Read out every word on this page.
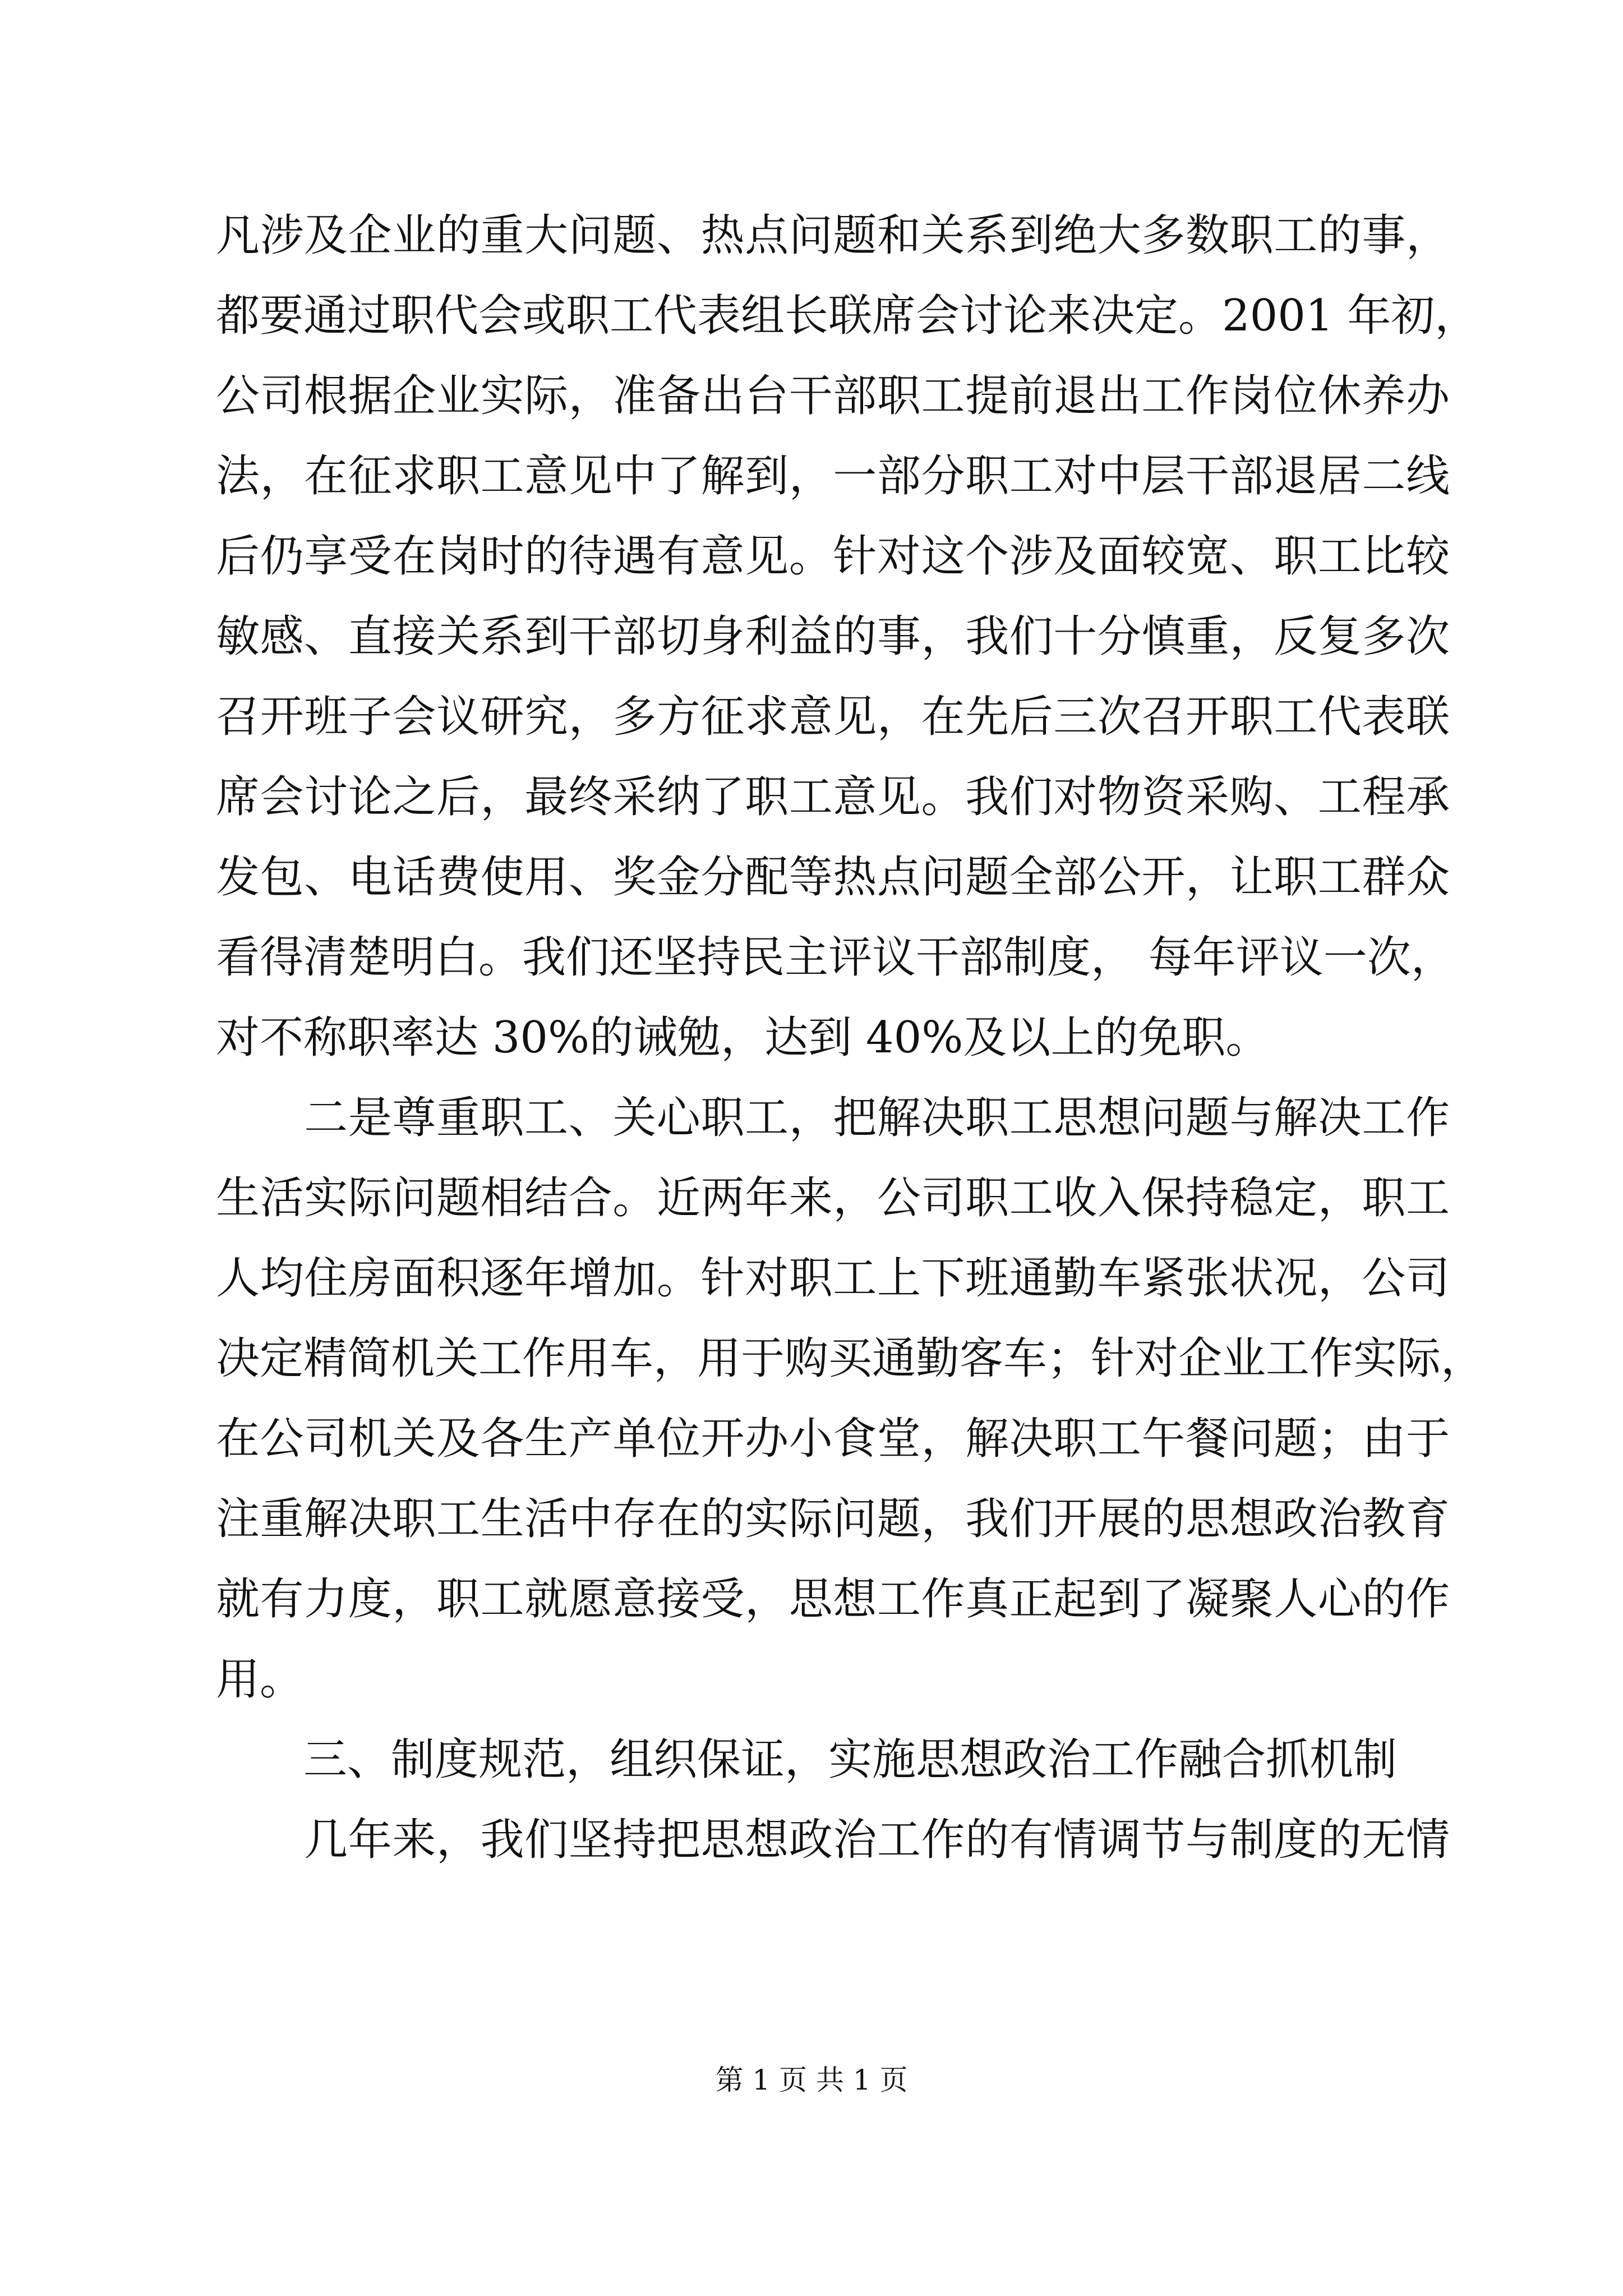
凡涉及企业的重大问题、热点问题和关系到绝大多数职工的事，
都要通过职代会或职工代表组长联席会讨论来决定。2001 年初，
公司根据企业实际，准备出台干部职工提前退出工作岗位休养办
法，在征求职工意见中了解到，一部分职工对中层干部退居二线
后仍享受在岗时的待遇有意见。针对这个涉及面较宽、职工比较
敏感、直接关系到干部切身利益的事，我们十分慎重，反复多次
召开班子会议研究，多方征求意见，在先后三次召开职工代表联
席会讨论之后，最终采纳了职工意见。我们对物资采购、工程承
发包、电话费使用、奖金分配等热点问题全部公开，让职工群众
看得清楚明白。我们还坚持民主评议干部制度， 每年评议一次，
对不称职率达 30%的诫勉，达到 40%及以上的免职。
　　二是尊重职工、关心职工，把解决职工思想问题与解决工作
生活实际问题相结合。近两年来，公司职工收入保持稳定，职工
人均住房面积逐年增加。针对职工上下班通勤车紧张状况，公司
决定精简机关工作用车，用于购买通勤客车；针对企业工作实际，
在公司机关及各生产单位开办小食堂，解决职工午餐问题；由于
注重解决职工生活中存在的实际问题，我们开展的思想政治教育
就有力度，职工就愿意接受，思想工作真正起到了凝聚人心的作
用。
　　三、制度规范，组织保证，实施思想政治工作融合抓机制
　　几年来，我们坚持把思想政治工作的有情调节与制度的无情
第 1 页 共 1 页
